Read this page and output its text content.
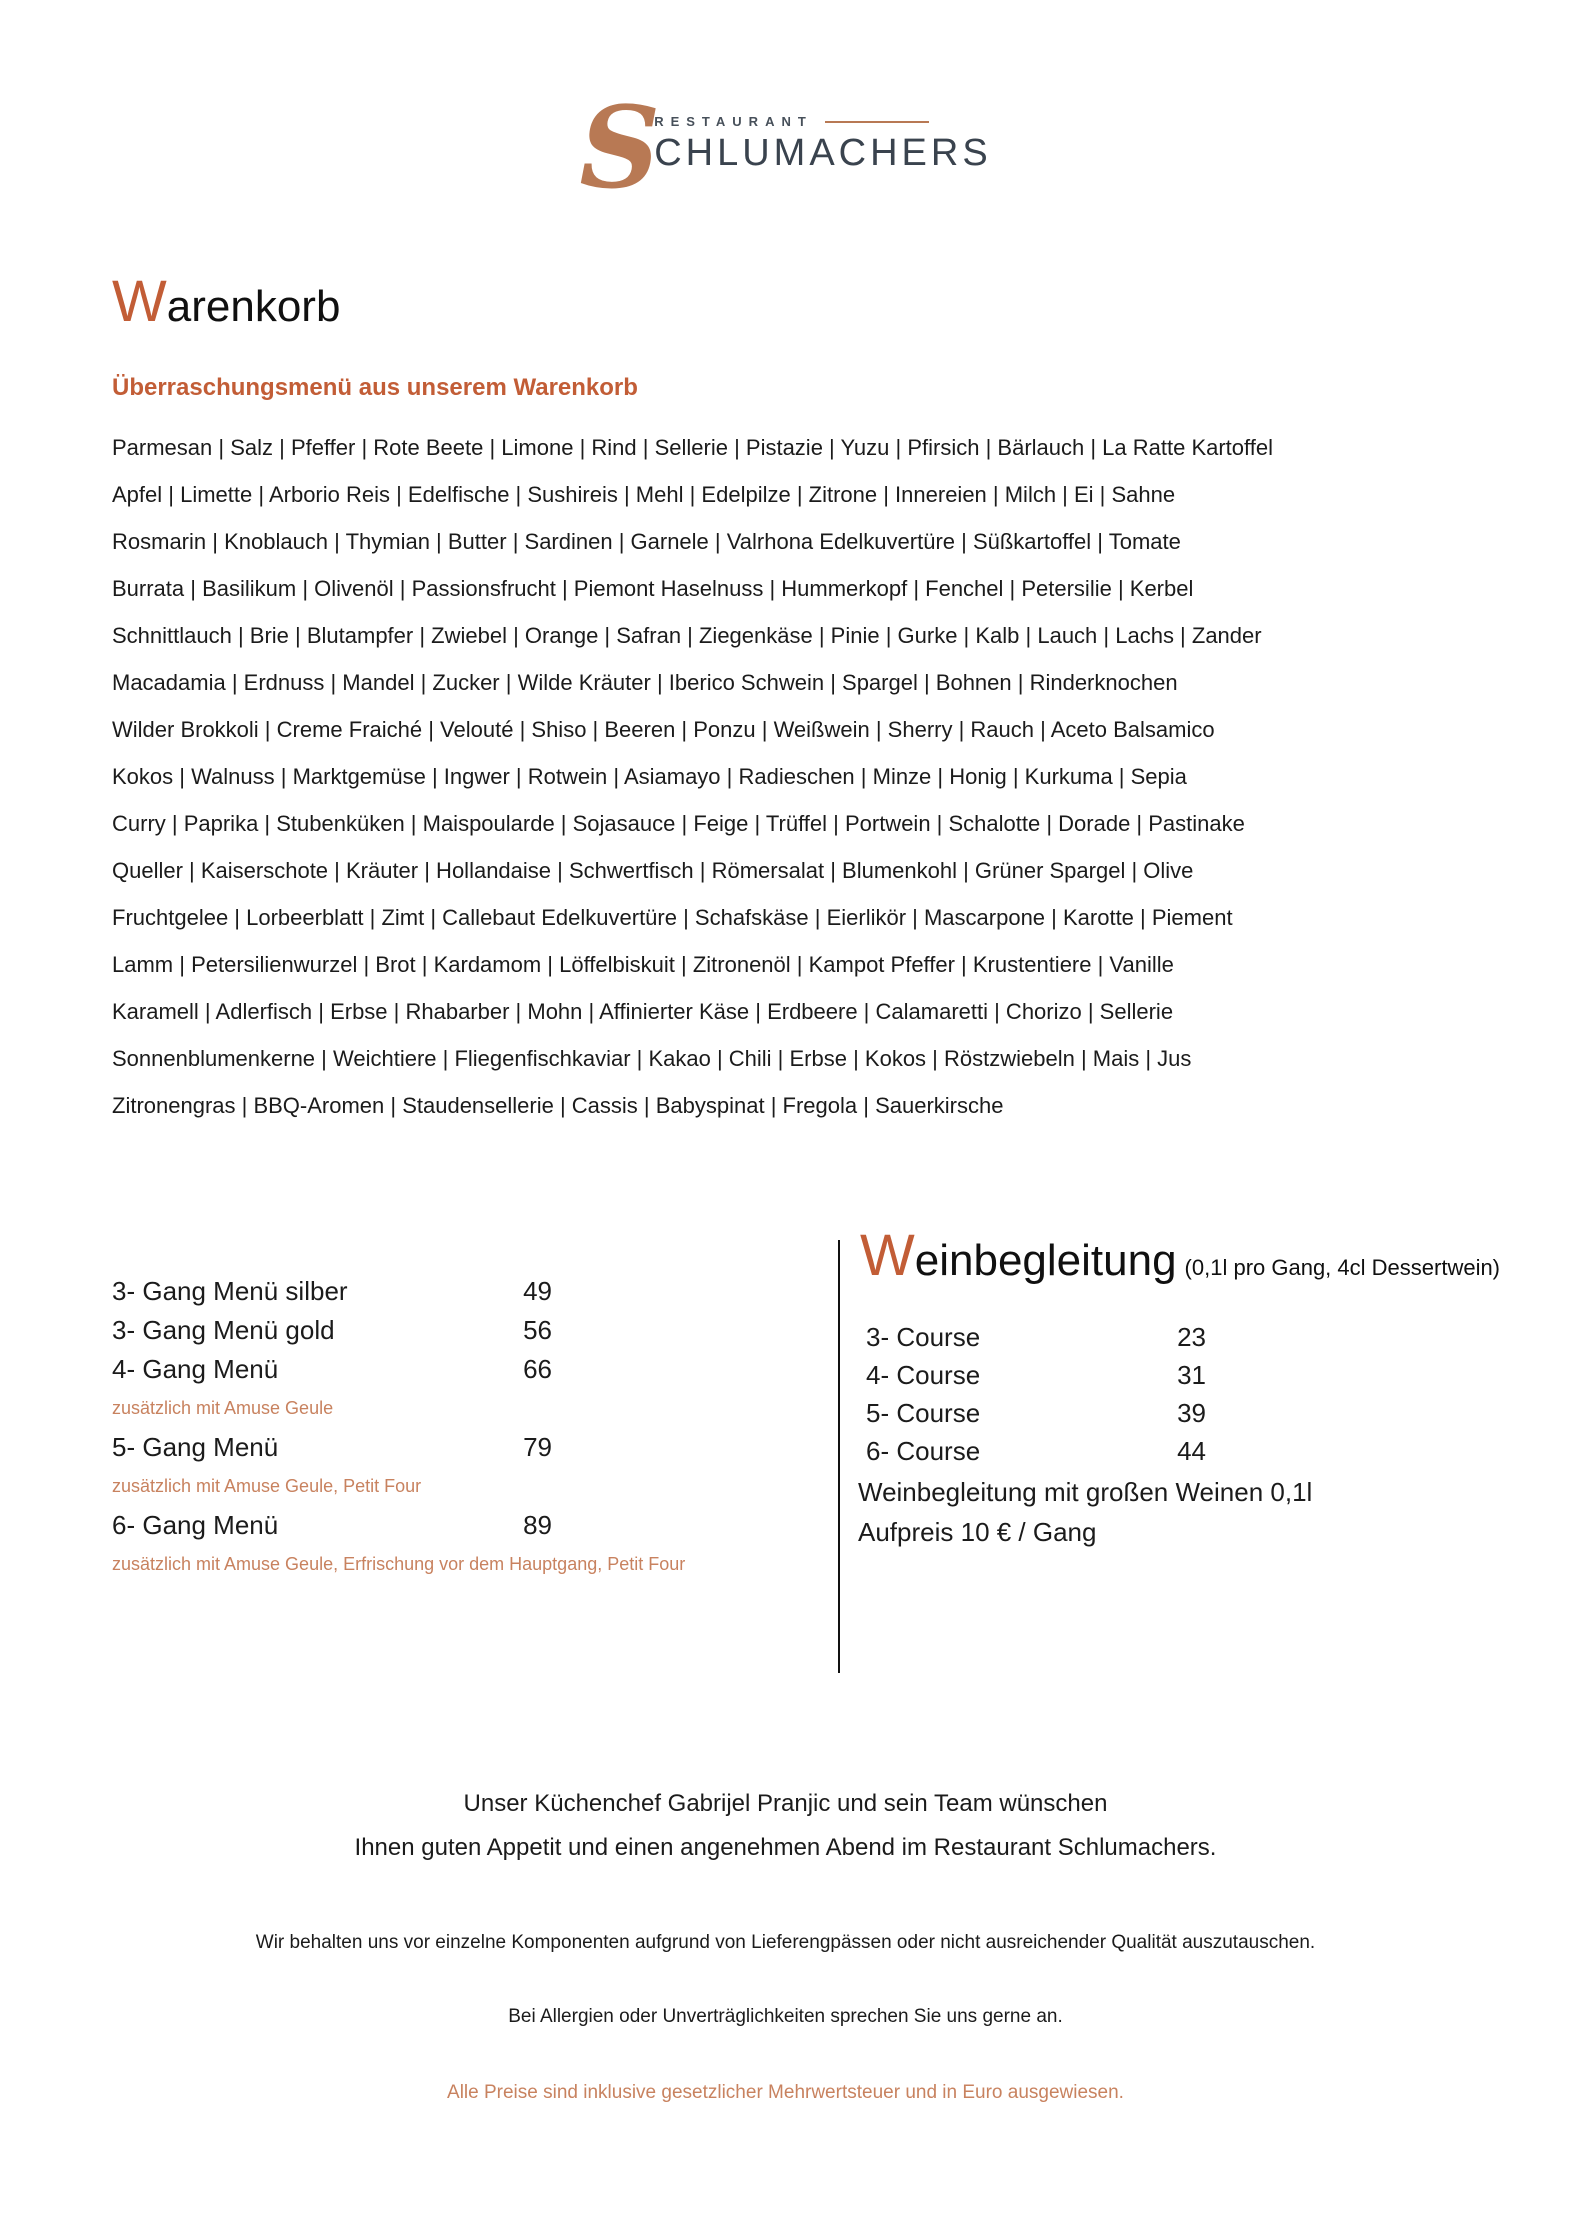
S
RESTAURANT
CHLUMACHERS
Warenkorb
Überraschungsmenü aus unserem Warenkorb
Parmesan | Salz | Pfeffer | Rote Beete | Limone | Rind | Sellerie | Pistazie | Yuzu | Pfirsich | Bärlauch | La Ratte Kartoffel
Apfel | Limette | Arborio Reis | Edelfische | Sushireis | Mehl | Edelpilze | Zitrone | Innereien | Milch | Ei | Sahne
Rosmarin | Knoblauch | Thymian | Butter | Sardinen | Garnele | Valrhona Edelkuvertüre | Süßkartoffel | Tomate
Burrata | Basilikum | Olivenöl | Passionsfrucht | Piemont Haselnuss | Hummerkopf | Fenchel | Petersilie | Kerbel
Schnittlauch | Brie | Blutampfer | Zwiebel | Orange | Safran | Ziegenkäse | Pinie | Gurke | Kalb | Lauch | Lachs | Zander
Macadamia | Erdnuss | Mandel | Zucker | Wilde Kräuter | Iberico Schwein | Spargel | Bohnen | Rinderknochen
Wilder Brokkoli | Creme Fraiché | Velouté | Shiso | Beeren | Ponzu | Weißwein | Sherry | Rauch | Aceto Balsamico
Kokos | Walnuss | Marktgemüse | Ingwer | Rotwein | Asiamayo | Radieschen | Minze | Honig | Kurkuma | Sepia
Curry | Paprika | Stubenküken | Maispoularde | Sojasauce | Feige | Trüffel | Portwein | Schalotte | Dorade | Pastinake
Queller | Kaiserschote | Kräuter | Hollandaise | Schwertfisch | Römersalat | Blumenkohl | Grüner Spargel | Olive
Fruchtgelee | Lorbeerblatt | Zimt | Callebaut Edelkuvertüre | Schafskäse | Eierlikör | Mascarpone | Karotte | Piement
Lamm | Petersilienwurzel | Brot | Kardamom | Löffelbiskuit | Zitronenöl | Kampot Pfeffer | Krustentiere | Vanille
Karamell | Adlerfisch | Erbse | Rhabarber | Mohn | Affinierter Käse | Erdbeere | Calamaretti | Chorizo | Sellerie
Sonnenblumenkerne | Weichtiere | Fliegenfischkaviar | Kakao | Chili | Erbse | Kokos | Röstzwiebeln | Mais | Jus
Zitronengras | BBQ-Aromen | Staudensellerie | Cassis | Babyspinat | Fregola | Sauerkirsche
3- Gang Menü silber	49
3- Gang Menü gold	56
4- Gang Menü	66
zusätzlich mit Amuse Geule
5- Gang Menü	79
zusätzlich mit Amuse Geule, Petit Four
6- Gang Menü	89
zusätzlich mit Amuse Geule, Erfrischung vor dem Hauptgang, Petit Four
Weinbegleitung (0,1l pro Gang, 4cl Dessertwein)
3- Course	23
4- Course	31
5- Course	39
6- Course	44
Weinbegleitung mit großen Weinen 0,1l
Aufpreis 10 € / Gang
Unser Küchenchef Gabrijel Pranjic und sein Team wünschen
Ihnen guten Appetit und einen angenehmen Abend im Restaurant Schlumachers.
Wir behalten uns vor einzelne Komponenten aufgrund von Lieferengpässen oder nicht ausreichender Qualität auszutauschen.
Bei Allergien oder Unverträglichkeiten sprechen Sie uns gerne an.
Alle Preise sind inklusive gesetzlicher Mehrwertsteuer und in Euro ausgewiesen.
